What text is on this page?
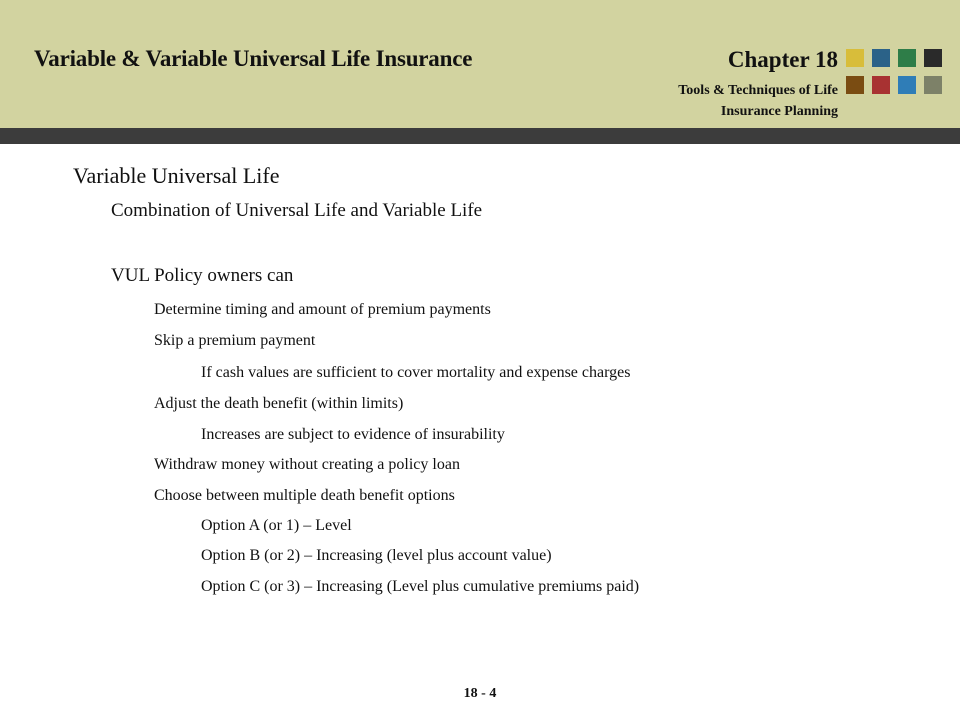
Variable & Variable Universal Life Insurance	Chapter 18
Tools & Techniques of Life
Insurance Planning
Variable Universal Life
Combination of Universal Life and Variable Life
VUL Policy owners can
Determine timing and amount of premium payments
Skip a premium payment
If cash values are sufficient to cover mortality and expense charges
Adjust the death benefit (within limits)
Increases are subject to evidence of insurability
Withdraw money without creating a policy loan
Choose between multiple death benefit options
Option A (or 1) – Level
Option B (or 2) – Increasing (level plus account value)
Option C (or 3) – Increasing (Level plus cumulative premiums paid)
18 - 4
